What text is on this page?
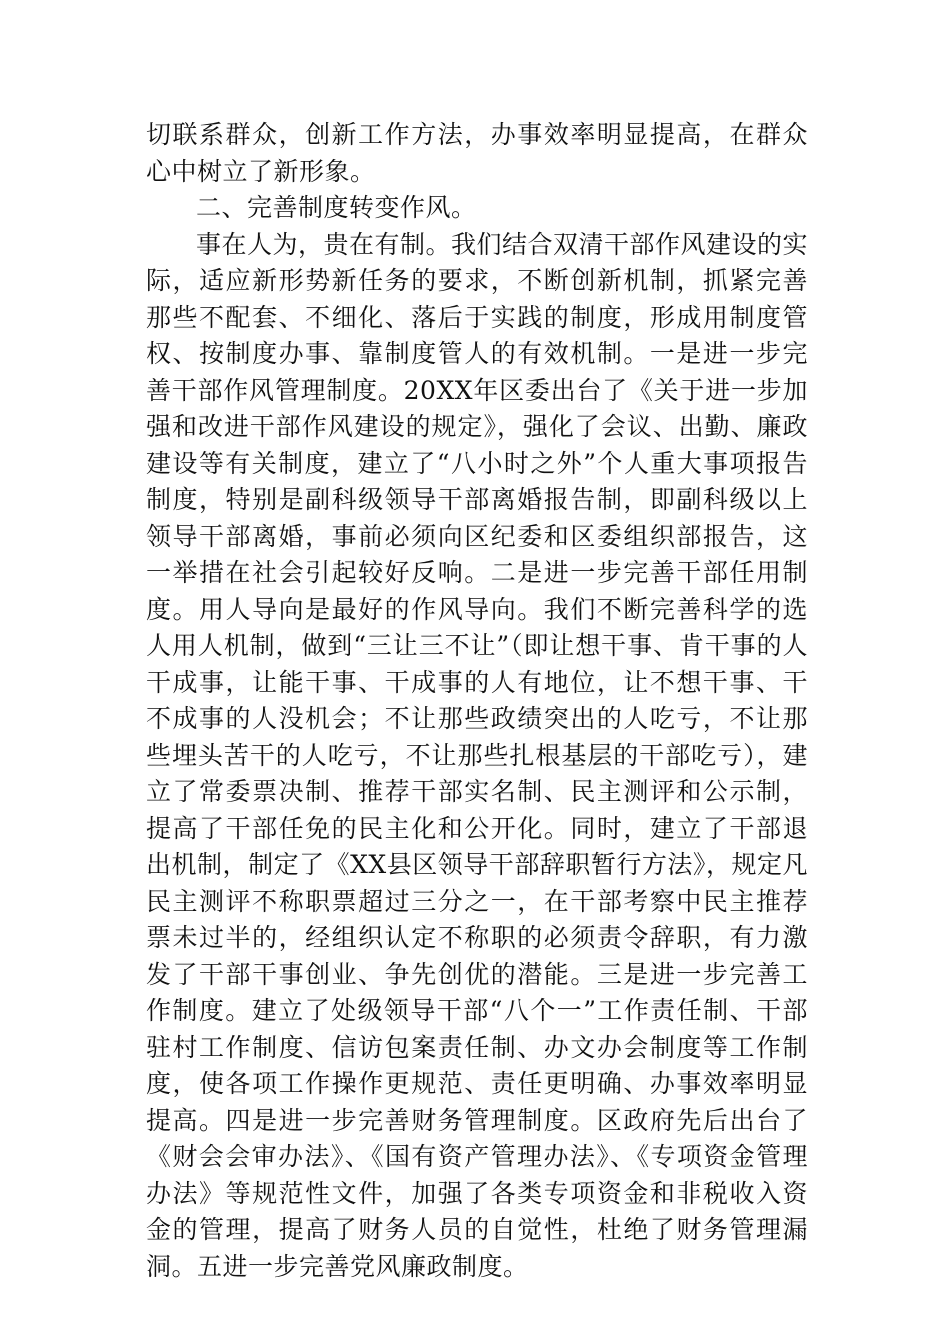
切联系群众，创新工作方法，办事效率明显提高，在群众心中树立了新形象。

二、完善制度转变作风。

事在人为，贵在有制。我们结合双清干部作风建设的实际，适应新形势新任务的要求，不断创新机制，抓紧完善那些不配套、不细化、落后于实践的制度，形成用制度管权、按制度办事、靠制度管人的有效机制。一是进一步完善干部作风管理制度。20XX年区委出台了《关于进一步加强和改进干部作风建设的规定》，强化了会议、出勤、廉政建设等有关制度，建立了“八小时之外”个人重大事项报告制度，特别是副科级领导干部离婚报告制，即副科级以上领导干部离婚，事前必须向区纪委和区委组织部报告，这一举措在社会引起较好反响。二是进一步完善干部任用制度。用人导向是最好的作风导向。我们不断完善科学的选人用人机制，做到“三让三不让”（即让想干事、肯干事的人干成事，让能干事、干成事的人有地位，让不想干事、干不成事的人没机会；不让那些政绩突出的人吃亏，不让那些埋头苦干的人吃亏，不让那些扎根基层的干部吃亏），建立了常委票决制、推荐干部实名制、民主测评和公示制，提高了干部任免的民主化和公开化。同时，建立了干部退出机制，制定了《XX县区领导干部辞职暂行方法》，规定凡民主测评不称职票超过三分之一，在干部考察中民主推荐票未过半的，经组织认定不称职的必须责令辞职，有力激发了干部干事创业、争先创优的潜能。三是进一步完善工作制度。建立了处级领导干部“八个一”工作责任制、干部驻村工作制度、信访包案责任制、办文办会制度等工作制度，使各项工作操作更规范、责任更明确、办事效率明显提高。四是进一步完善财务管理制度。区政府先后出台了《财会会审办法》、《国有资产管理办法》、《专项资金管理办法》等规范性文件，加强了各类专项资金和非税收入资金的管理，提高了财务人员的自觉性，杜绝了财务管理漏洞。五进一步完善党风廉政制度。
